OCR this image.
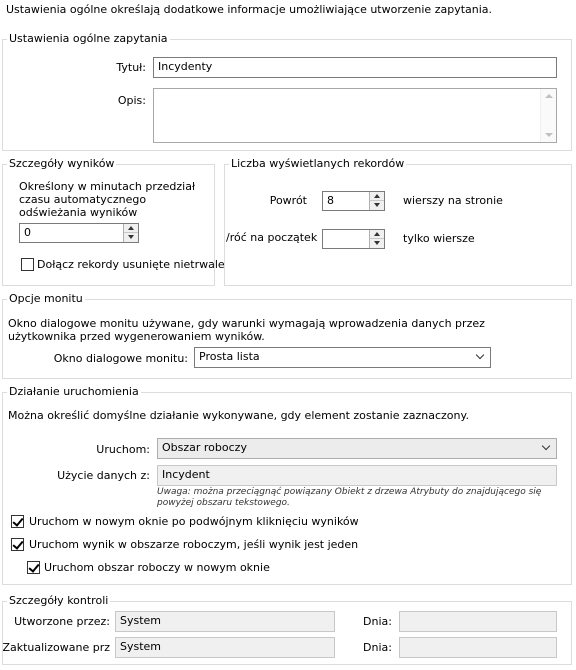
Ustawienia ogólne określają dodatkowe informacje umożliwiające utworzenie zapytania.
Ustawienia ogólne zapytania
Tytuł:	Incydenty
Opis:
Szczegóły wyników
Określony w minutach przedział czasu automatycznego odświeżania wyników
0
Dołącz rekordy usunięte nietrwale
Liczba wyświetlanych rekordów
Powrót	8	wierszy na stronie
/róć na początek	tylko wiersze
Opcje monitu
Okno dialogowe monitu używane, gdy warunki wymagają wprowadzenia danych przez użytkownika przed wygenerowaniem wyników.
Okno dialogowe monitu:	Prosta lista
Działanie uruchomienia
Można określić domyślne działanie wykonywane, gdy element zostanie zaznaczony.
Uruchom:	Obszar roboczy
Użycie danych z:	Incydent
Uwaga: można przeciągnąć powiązany Obiekt z drzewa Atrybuty do znajdującego się powyżej obszaru tekstowego.
Uruchom w nowym oknie po podwójnym kliknięciu wyników
Uruchom wynik w obszarze roboczym, jeśli wynik jest jeden
Uruchom obszar roboczy w nowym oknie
Szczegóły kontroli
Utworzone przez: System	Dnia:
Zaktualizowane prz System	Dnia:
